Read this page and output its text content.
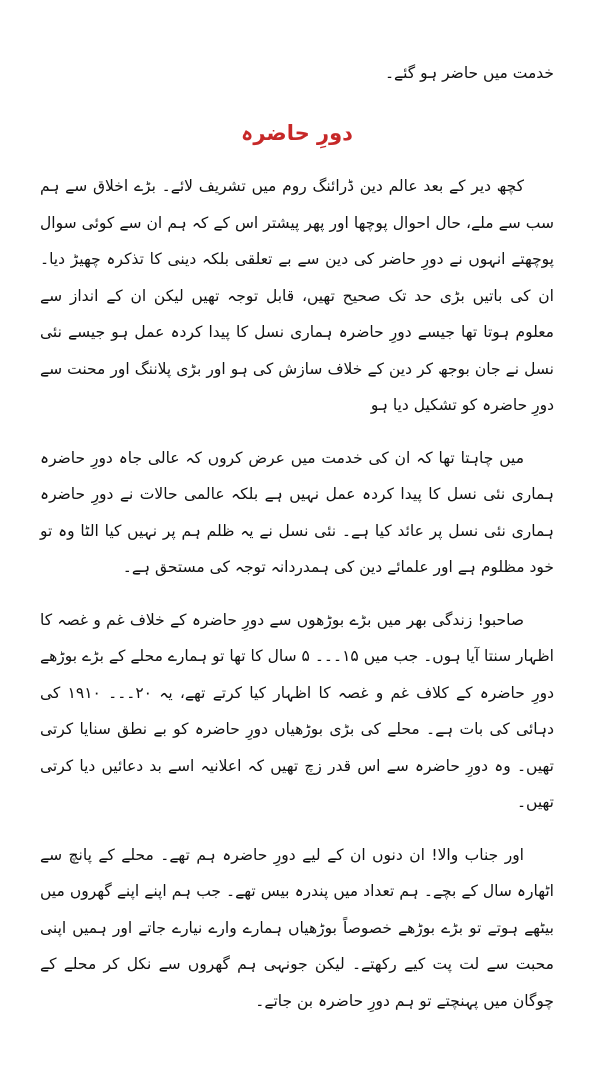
خدمت میں حاضر ہو گئے۔
دورِ حاضرہ

کچھ دیر کے بعد عالم دین ڈرائنگ روم میں تشریف لائے۔ بڑے اخلاق سے ہم سب سے ملے، حال احوال پوچھا اور پھر پیشتر اس کے کہ ہم ان سے کوئی سوال پوچھتے انہوں نے دورِ حاضر کی دین سے بے تعلقی بلکہ دینی کا تذکرہ چھیڑ دیا۔ ان کی باتیں بڑی حد تک صحیح تھیں، قابل توجہ تھیں لیکن ان کے انداز سے معلوم ہوتا تھا جیسے دورِ حاضرہ ہماری نسل کا پیدا کردہ عمل ہو جیسے نئی نسل نے جان بوجھ کر دین کے خلاف سازش کی ہو اور بڑی پلاننگ اور محنت سے دورِ حاضرہ کو تشکیل دیا ہو

میں چاہتا تھا کہ ان کی خدمت میں عرض کروں کہ عالی جاہ دورِ حاضرہ ہماری نئی نسل کا پیدا کردہ عمل نہیں ہے بلکہ عالمی حالات نے دورِ حاضرہ ہماری نئی نسل پر عائد کیا ہے۔ نئی نسل نے یہ ظلم ہم پر نہیں کیا الٹا وہ تو خود مظلوم ہے اور علمائے دین کی ہمدردانہ توجہ کی مستحق ہے۔

صاحبو! زندگی بھر میں بڑے بوڑھوں سے دورِ حاضرہ کے خلاف غم و غصہ کا اظہار سنتا آیا ہوں۔ جب میں ۱۵۔۔۔ ۵ سال کا تھا تو ہمارے محلے کے بڑے بوڑھے دورِ حاضرہ کے کلاف غم و غصہ کا اظہار کیا کرتے تھے، یہ ۲۰۔۔۔ ۱۹۱۰ کی دہائی کی بات ہے۔ محلے کی بڑی بوڑھیاں دورِ حاضرہ کو بے نطق سنایا کرتی تھیں۔ وہ دورِ حاضرہ سے اس قدر زچ تھیں کہ اعلانیہ اسے بد دعائیں دیا کرتی تھیں۔

اور جناب والا! ان دنوں ان کے لیے دورِ حاضرہ ہم تھے۔ محلے کے پانچ سے اٹھارہ سال کے بچے۔ ہم تعداد میں پندرہ بیس تھے۔ جب ہم اپنے اپنے گھروں میں بیٹھے ہوتے تو بڑے بوڑھے خصوصاً بوڑھیاں ہمارے وارے نیارے جاتے اور ہمیں اپنی محبت سے لت پت کیے رکھتے۔ لیکن جونہی ہم گھروں سے نکل کر محلے کے چوگان میں پہنچتے تو ہم دورِ حاضرہ بن جاتے۔
